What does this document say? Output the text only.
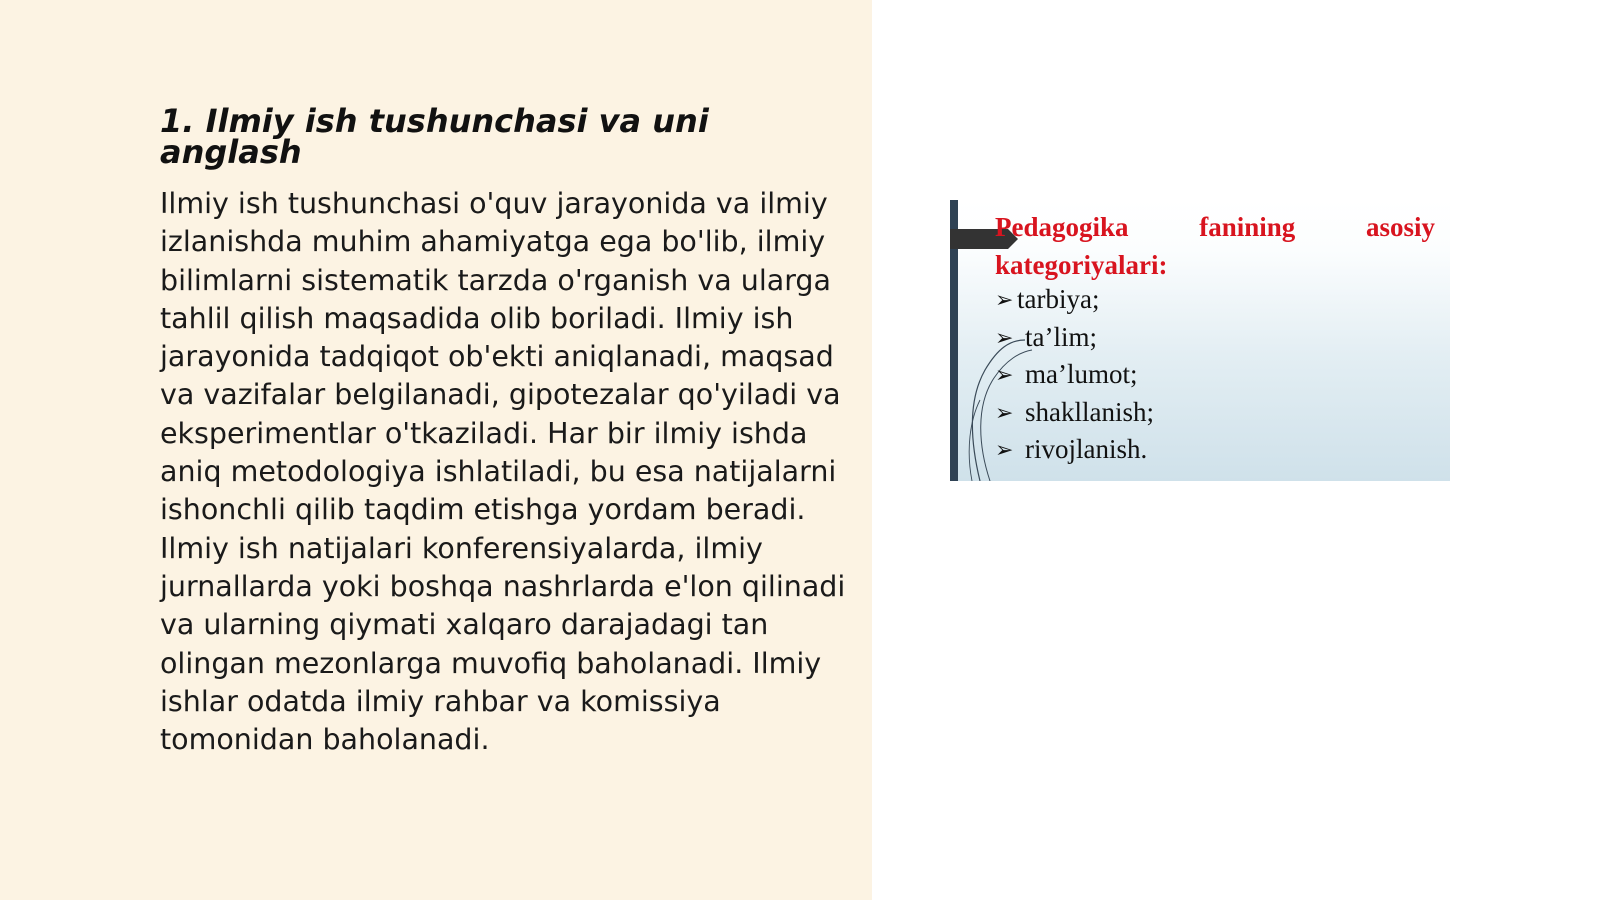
1. Ilmiy ish tushunchasi va uni anglash

Ilmiy ish tushunchasi o'quv jarayonida va ilmiy izlanishda muhim ahamiyatga ega bo'lib, ilmiy bilimlarni sistematik tarzda o'rganish va ularga tahlil qilish maqsadida olib boriladi. Ilmiy ish jarayonida tadqiqot ob'ekti aniqlanadi, maqsad va vazifalar belgilanadi, gipotezalar qo'yiladi va eksperimentlar o'tkaziladi. Har bir ilmiy ishda aniq metodologiya ishlatiladi, bu esa natijalarni ishonchli qilib taqdim etishga yordam beradi. Ilmiy ish natijalari konferensiyalarda, ilmiy jurnallarda yoki boshqa nashrlarda e'lon qilinadi va ularning qiymati xalqaro darajadagi tan olingan mezonlarga muvofiq baholanadi. Ilmiy ishlar odatda ilmiy rahbar va komissiya tomonidan baholanadi.

Pedagogika fanining asosiy kategoriyalari:

➢ tarbiya;
➢ ta’lim;
➢ ma’lumot;
➢ shakllanish;
➢ rivojlanish.
